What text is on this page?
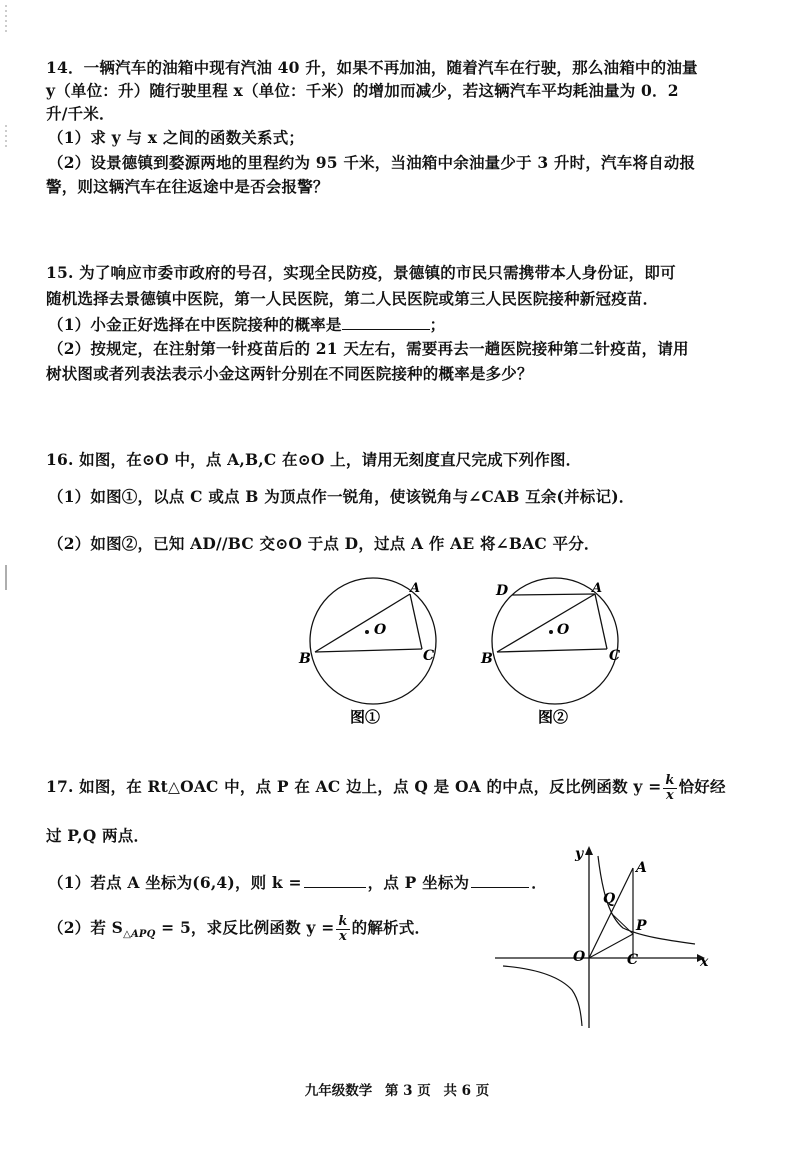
14．一辆汽车的油箱中现有汽油 40 升，如果不再加油，随着汽车在行驶，那么油箱中的油量
y（单位：升）随行驶里程 x（单位：千米）的增加而减少，若这辆汽车平均耗油量为 0．2
升/千米．
（1）求 y 与 x 之间的函数关系式；
（2）设景德镇到婺源两地的里程约为 95 千米，当油箱中余油量少于 3 升时，汽车将自动报
警，则这辆汽车在往返途中是否会报警？
15. 为了响应市委市政府的号召，实现全民防疫，景德镇的市民只需携带本人身份证，即可
随机选择去景德镇中医院，第一人民医院，第二人民医院或第三人民医院接种新冠疫苗．
（1）小金正好选择在中医院接种的概率是	；
（2）按规定，在注射第一针疫苗后的 21 天左右，需要再去一趟医院接种第二针疫苗，请用
树状图或者列表法表示小金这两针分别在不同医院接种的概率是多少？
16. 如图，在⊙O 中，点 A,B,C 在⊙O 上，请用无刻度直尺完成下列作图．
（1）如图①，以点 C 或点 B 为顶点作一锐角，使该锐角与∠CAB 互余(并标记)．
（2）如图②，已知 AD//BC 交⊙O 于点 D，过点 A 作 AE 将∠BAC 平分．
O
A
B	C
图①
O
A
D
B	C
图②
17. 如图，在 Rt△OAC 中，点 P 在 AC 边上，点 Q 是 OA 的中点，反比例函数 $y = \frac{k}{x}$ 恰好经
过 P,Q 两点．
（1）若点 A 坐标为(6,4)，则 k =	，点 P 坐标为	．
（2）若 $S_{\triangle APQ} = 5$，求反比例函数 $y = \frac{k}{x}$ 的解析式．
y
x
O
A
C
P
Q
九年级数学 第 3 页 共 6 页
